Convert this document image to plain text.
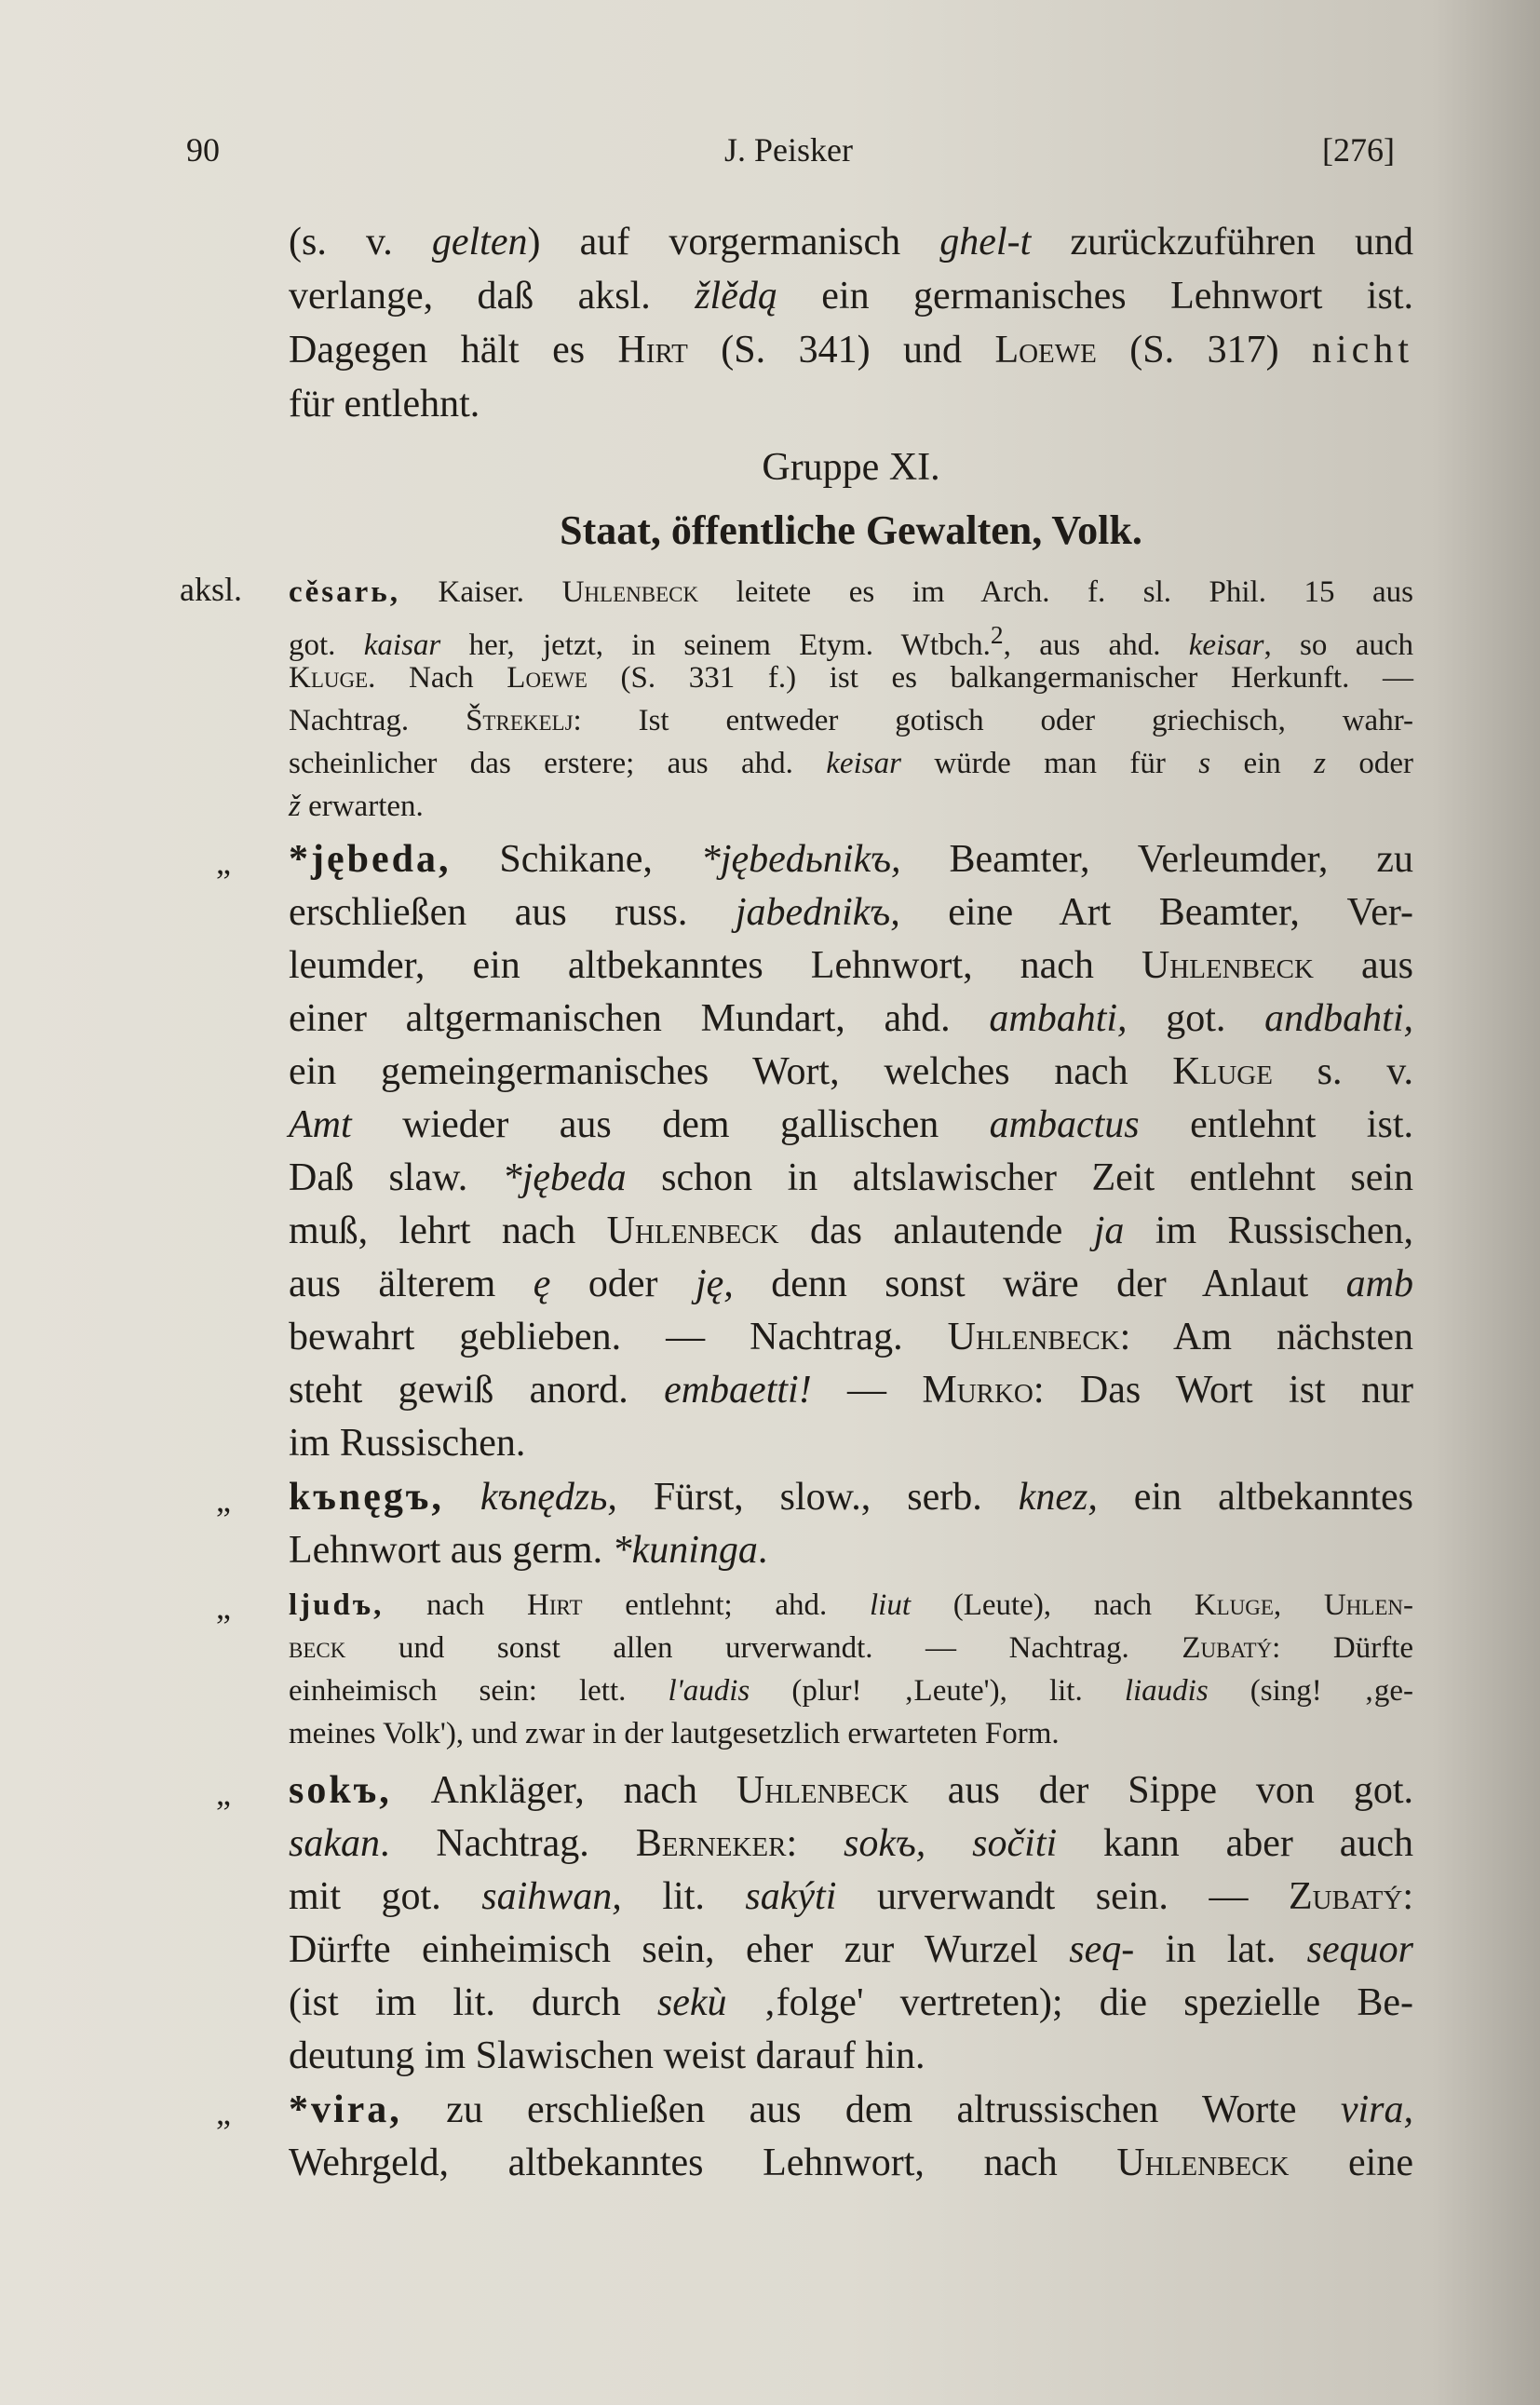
90	J. Peisker	[276]
(s. v. gelten) auf vorgermanisch ghel-t zurückzuführen und
verlange, daß aksl. žlědą ein germanisches Lehnwort ist.
Dagegen hält es Hirt (S. 341) und Loewe (S. 317) nicht
für entlehnt.
Gruppe XI.
Staat, öffentliche Gewalten, Volk.
aksl. cěsarь, Kaiser. Uhlenbeck leitete es im Arch. f. sl. Phil. 15 aus
got. kaisar her, jetzt, in seinem Etym. Wtbch.$^2$, aus ahd. keisar, so auch
Kluge. Nach Loewe (S. 331 f.) ist es balkangermanischer Herkunft. —
Nachtrag. Štrekelj: Ist entweder gotisch oder griechisch, wahr-
scheinlicher das erstere; aus ahd. keisar würde man für s ein z oder
ž erwarten.
„ *jębeda, Schikane, *jębedьnikъ, Beamter, Verleumder, zu
erschließen aus russ. jabednikъ, eine Art Beamter, Ver-
leumder, ein altbekanntes Lehnwort, nach Uhlenbeck aus
einer altgermanischen Mundart, ahd. ambahti, got. andbahti,
ein gemeingermanisches Wort, welches nach Kluge s. v.
Amt wieder aus dem gallischen ambactus entlehnt ist.
Daß slaw. *jębeda schon in altslawischer Zeit entlehnt sein
muß, lehrt nach Uhlenbeck das anlautende ja im Russischen,
aus älterem ę oder ję, denn sonst wäre der Anlaut amb
bewahrt geblieben. — Nachtrag. Uhlenbeck: Am nächsten
steht gewiß anord. embaetti! — Murko: Das Wort ist nur
im Russischen.
„ kъnęgъ, kъnędzь, Fürst, slow., serb. knez, ein altbekanntes
Lehnwort aus germ. *kuninga.
„ ljudъ, nach Hirt entlehnt; ahd. liut (Leute), nach Kluge, Uhlen-
beck und sonst allen urverwandt. — Nachtrag. Zubatý: Dürfte
einheimisch sein: lett. l'audis (plur! ‚Leute'), lit. liaudis (sing! ‚ge-
meines Volk'), und zwar in der lautgesetzlich erwarteten Form.
„ sokъ, Ankläger, nach Uhlenbeck aus der Sippe von got.
sakan. Nachtrag. Berneker: sokъ, sočiti kann aber auch
mit got. saihwan, lit. sakýti urverwandt sein. — Zubatý:
Dürfte einheimisch sein, eher zur Wurzel seq- in lat. sequor
(ist im lit. durch sekù ‚folge' vertreten); die spezielle Be-
deutung im Slawischen weist darauf hin.
„ *vira, zu erschließen aus dem altrussischen Worte vira,
Wehrgeld, altbekanntes Lehnwort, nach Uhlenbeck eine
